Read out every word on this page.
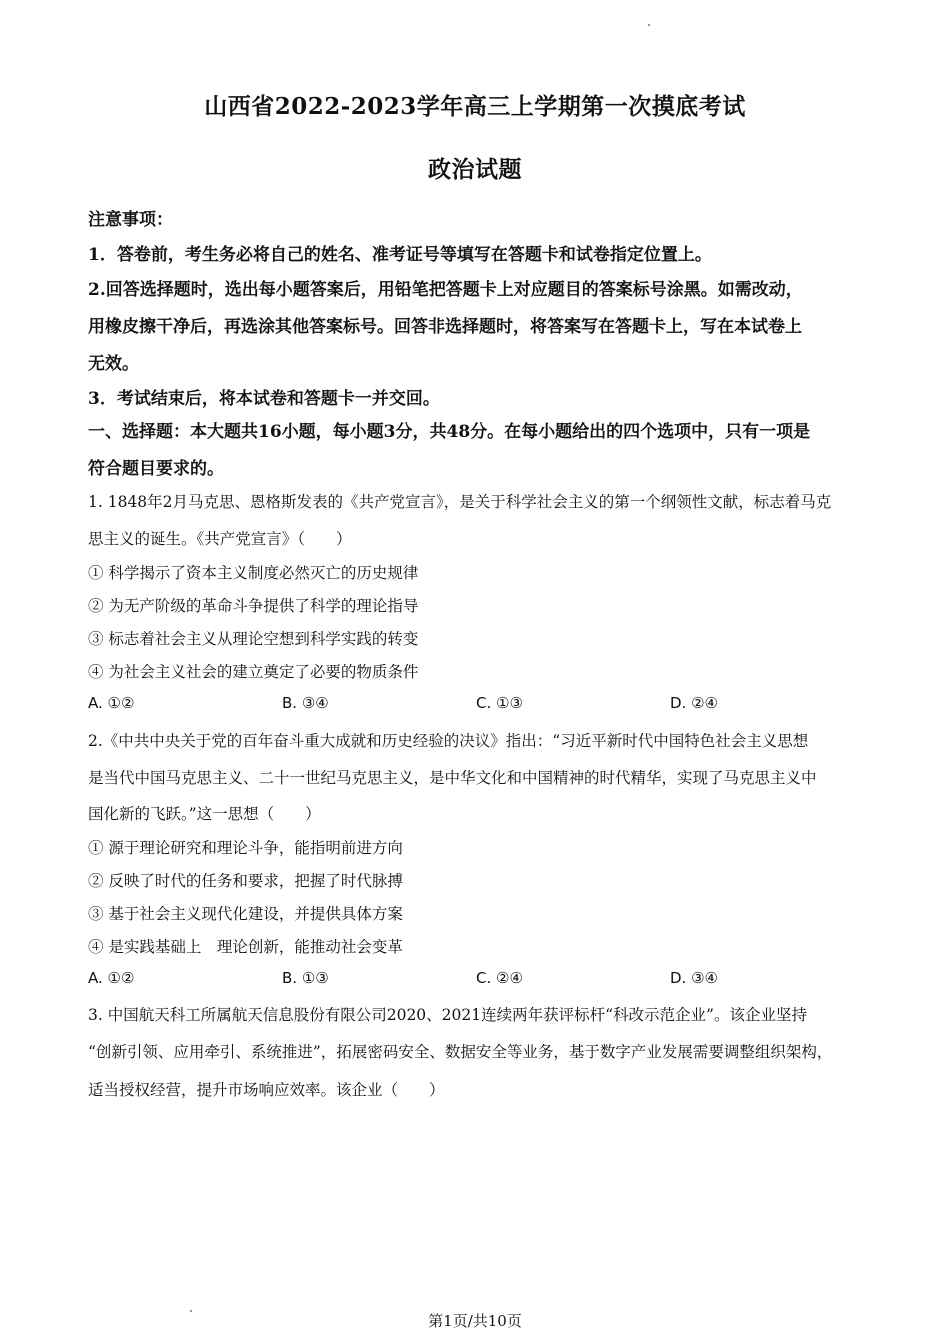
山西省2022-2023学年高三上学期第一次摸底考试
政治试题
注意事项：
1．答卷前，考生务必将自己的姓名、准考证号等填写在答题卡和试卷指定位置上。
2.回答选择题时，选出每小题答案后，用铅笔把答题卡上对应题目的答案标号涂黑。如需改动，
用橡皮擦干净后，再选涂其他答案标号。回答非选择题时，将答案写在答题卡上，写在本试卷上
无效。
3．考试结束后，将本试卷和答题卡一并交回。
一、选择题：本大题共16小题，每小题3分，共48分。在每小题给出的四个选项中，只有一项是
符合题目要求的。
1. 1848年2月马克思、恩格斯发表的《共产党宣言》，是关于科学社会主义的第一个纲领性文献，标志着马克
思主义的诞生。《共产党宣言》（　　）
① 科学揭示了资本主义制度必然灭亡的历史规律
② 为无产阶级的革命斗争提供了科学的理论指导
③ 标志着社会主义从理论空想到科学实践的转变
④ 为社会主义社会的建立奠定了必要的物质条件
A. ①②	B. ③④	C. ①③	D. ②④
2.《中共中央关于党的百年奋斗重大成就和历史经验的决议》指出：“习近平新时代中国特色社会主义思想
是当代中国马克思主义、二十一世纪马克思主义，是中华文化和中国精神的时代精华，实现了马克思主义中
国化新的飞跃。”这一思想（　　）
① 源于理论研究和理论斗争，能指明前进方向
② 反映了时代的任务和要求，把握了时代脉搏
③ 基于社会主义现代化建设，并提供具体方案
④ 是实践基础上　理论创新，能推动社会变革
A. ①②	B. ①③	C. ②④	D. ③④
3. 中国航天科工所属航天信息股份有限公司2020、2021连续两年获评标杆“科改示范企业”。该企业坚持
“创新引领、应用牵引、系统推进”，拓展密码安全、数据安全等业务，基于数字产业发展需要调整组织架构，
适当授权经营，提升市场响应效率。该企业（　　）
第1页/共10页
